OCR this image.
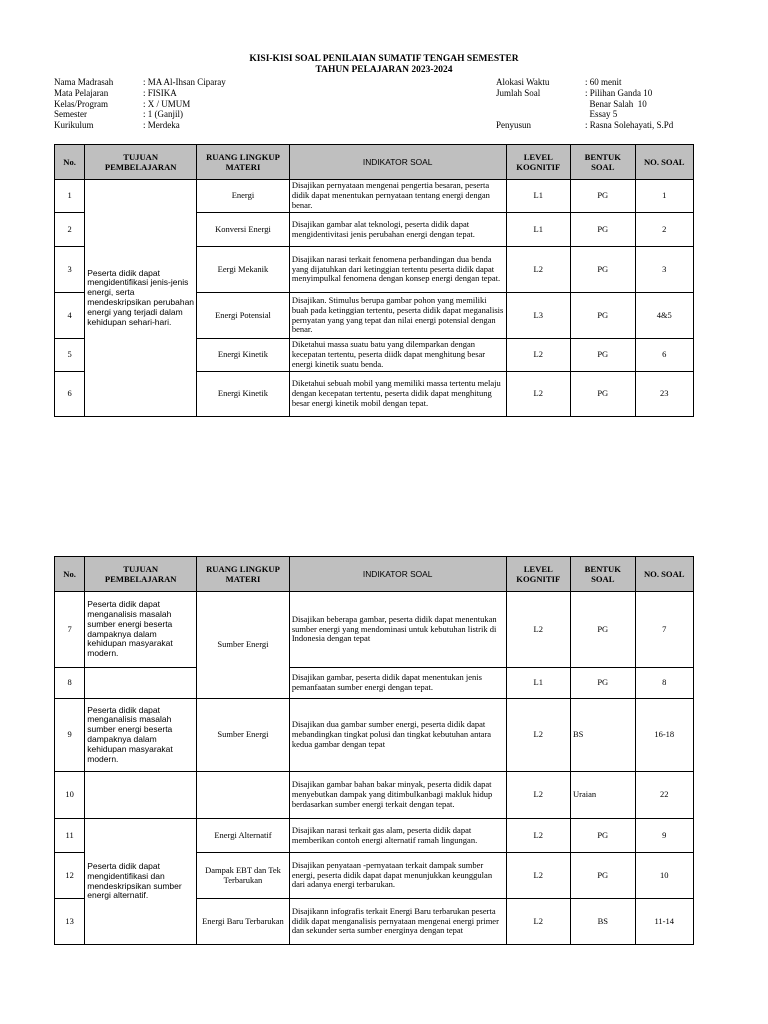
KISI-KISI SOAL PENILAIAN SUMATIF TENGAH SEMESTER
TAHUN PELAJARAN 2023-2024
Nama Madrasah	: MA Al-Ihsan Ciparay
Mata Pelajaran	: FISIKA
Kelas/Program	: X / UMUM
Semester	: 1 (Ganjil)
Kurikulum	: Merdeka
Alokasi Waktu	: 60 menit
Jumlah Soal	: Pilihan Ganda 10
Benar Salah  10
Essay 5
Penyusun	: Rasna Solehayati, S.Pd
No.	TUJUAN PEMBELAJARAN	RUANG LINGKUP MATERI	INDIKATOR SOAL	LEVEL KOGNITIF	BENTUK SOAL	NO. SOAL
1	Peserta didik dapat mengidentifikasi jenis-jenis energi, serta mendeskripsikan perubahan energi yang terjadi dalam kehidupan sehari-hari.	Energi	Disajikan pernyataan mengenai pengertia besaran, peserta didik dapat menentukan pernyataan tentang energi dengan benar.	L1	PG	1
2		Konversi Energi	Disajikan gambar alat teknologi, peserta didik dapat mengidentivitasi jenis perubahan energi dengan tepat.	L1	PG	2
3		Eergi Mekanik	Disajikan narasi terkait fenomena perbandingan dua benda yang dijatuhkan dari ketinggian tertentu peserta didik dapat menyimpulkal fenomena dengan konsep energi dengan tepat.	L2	PG	3
4		Energi Potensial	Disajikan. Stimulus berupa gambar pohon yang memiliki buah pada ketinggian tertentu, peserta didik dapat meganalisis pernyatan yang yang tepat dan nilai energi potensial dengan benar.	L3	PG	4&5
5		Energi Kinetik	Diketahui massa suatu batu yang dilemparkan dengan kecepatan tertentu, peserta diidk dapat menghitung besar energi kinetik suatu benda.	L2	PG	6
6		Energi Kinetik	Diketahui sebuah mobil yang memiliki massa tertentu melaju dengan kecepatan tertentu, peserta didik dapat menghitung besar energi kinetik mobil dengan tepat.	L2	PG	23
No.	TUJUAN PEMBELAJARAN	RUANG LINGKUP MATERI	INDIKATOR SOAL	LEVEL KOGNITIF	BENTUK SOAL	NO. SOAL
7	Peserta didik dapat menganalisis masalah sumber energi beserta dampaknya dalam kehidupan masyarakat modern.	Sumber Energi	Disajikan beberapa gambar, peserta didik dapat menentukan sumber energi yang mendominasi untuk kebutuhan listrik di Indonesia dengan tepat	L2	PG	7
8			Disajikan gambar, peserta didik dapat menentukan jenis pemanfaatan sumber energi dengan tepat.	L1	PG	8
9	Peserta didik dapat menganalisis masalah sumber energi beserta dampaknya dalam kehidupan masyarakat modern.	Sumber Energi	Disajikan dua gambar sumber energi, peserta didik dapat mebandingkan tingkat polusi dan tingkat kebutuhan antara kedua gambar dengan tepat	L2	BS	16-18
10			Disajikan gambar bahan bakar minyak, peserta didik dapat menyebutkan dampak yang ditimbulkanbagi makluk hidup berdasarkan sumber energi terkait dengan tepat.	L2	Uraian	22
11	Peserta didik dapat mengidentifikasi dan mendeskripsikan sumber energi alternatif.	Energi Alternatif	Disajikan narasi terkait gas alam, peserta didik dapat memberikan contoh energi alternatif ramah lingungan.	L2	PG	9
12		Dampak EBT dan Tek Terbarukan	Disajikan penyataan -pernyataan terkait dampak sumber energi, peserta didik dapat dapat menunjukkan keunggulan dari adanya energi terbarukan.	L2	PG	10
13		Energi Baru Terbarukan	Disajikann infografis terkait Energi Baru terbarukan peserta didik dapat menganalisis pernyataan mengenai energi primer dan sekunder serta sumber energinya dengan tepat	L2	BS	11-14
